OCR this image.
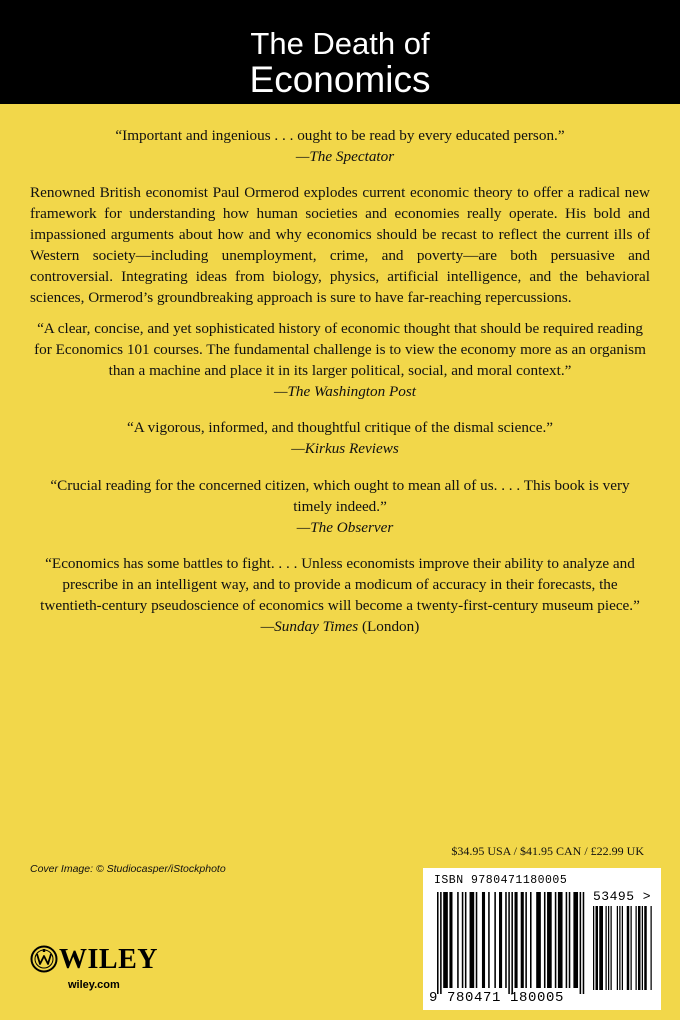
The Death of
Economics
“Important and ingenious . . . ought to be read by every educated person.”
—The Spectator
Renowned British economist Paul Ormerod explodes current economic theory to offer a radical new framework for understanding how human societies and economies really operate. His bold and impassioned arguments about how and why economics should be recast to reflect the current ills of Western society—including unemployment, crime, and poverty—are both persuasive and controversial. Integrating ideas from biology, physics, artificial intelligence, and the behavioral sciences, Ormerod’s groundbreaking approach is sure to have far-reaching repercussions.
“A clear, concise, and yet sophisticated history of economic thought that should be required reading for Economics 101 courses. The fundamental challenge is to view the economy more as an organism than a machine and place it in its larger political, social, and moral context.”
—The Washington Post
“A vigorous, informed, and thoughtful critique of the dismal science.”
—Kirkus Reviews
“Crucial reading for the concerned citizen, which ought to mean all of us. . . . This book is very timely indeed.”
—The Observer
“Economics has some battles to fight. . . . Unless economists improve their ability to analyze and prescribe in an intelligent way, and to provide a modicum of accuracy in their forecasts, the twentieth-century pseudoscience of economics will become a twenty-first-century museum piece.”
—Sunday Times (London)
$34.95 USA / $41.95 CAN / £22.99 UK
Cover Image: © Studiocasper/iStockphoto
WILEY
wiley.com
ISBN 9780471180005
53495 >
9 780471 180005
